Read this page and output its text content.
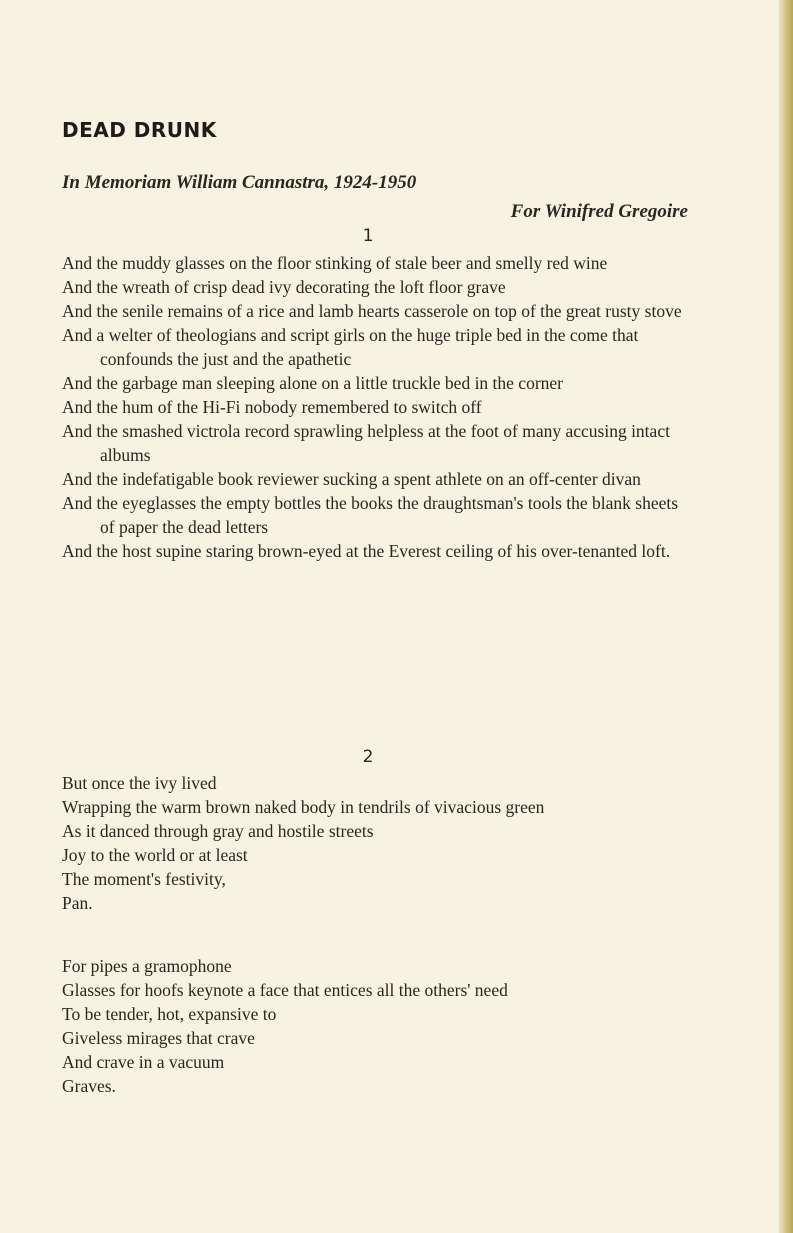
DEAD DRUNK

In Memoriam William Cannastra, 1924-1950

For Winifred Gregoire

1

And the muddy glasses on the floor stinking of stale beer and smelly red wine
And the wreath of crisp dead ivy decorating the loft floor grave
And the senile remains of a rice and lamb hearts casserole on top of the great rusty stove
And a welter of theologians and script girls on the huge triple bed in the come that confounds the just and the apathetic
And the garbage man sleeping alone on a little truckle bed in the corner
And the hum of the Hi-Fi nobody remembered to switch off
And the smashed victrola record sprawling helpless at the foot of many accusing intact albums
And the indefatigable book reviewer sucking a spent athlete on an off-center divan
And the eyeglasses the empty bottles the books the draughtsman's tools the blank sheets of paper the dead letters
And the host supine staring brown-eyed at the Everest ceiling of his over-tenanted loft.

2

But once the ivy lived
Wrapping the warm brown naked body in tendrils of vivacious green
As it danced through gray and hostile streets
Joy to the world or at least
The moment's festivity,
Pan.
For pipes a gramophone
Glasses for hoofs keynote a face that entices all the others' need
To be tender, hot, expansive to
Giveless mirages that crave
And crave in a vacuum
Graves.
